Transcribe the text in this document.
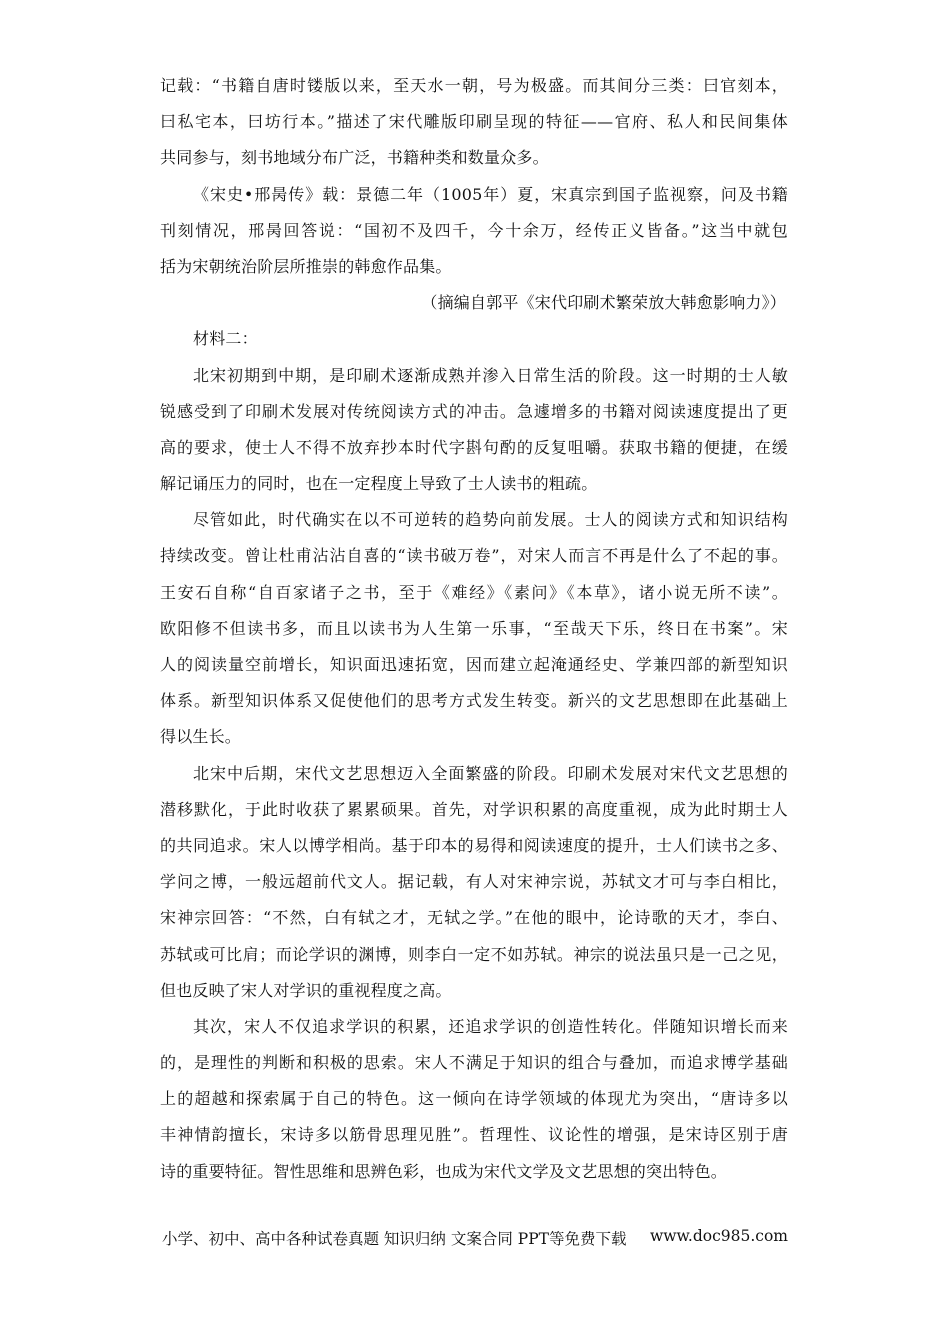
记载：“书籍自唐时镂版以来，至天水一朝，号为极盛。而其间分三类：曰官刻本，
曰私宅本，曰坊行本。”描述了宋代雕版印刷呈现的特征——官府、私人和民间集体
共同参与，刻书地域分布广泛，书籍种类和数量众多。
《宋史•邢昺传》载：景德二年（1005年）夏，宋真宗到国子监视察，问及书籍
刊刻情况，邢昺回答说：“国初不及四千，今十余万，经传正义皆备。”这当中就包
括为宋朝统治阶层所推崇的韩愈作品集。
（摘编自郭平《宋代印刷术繁荣放大韩愈影响力》）
材料二：
北宋初期到中期，是印刷术逐渐成熟并渗入日常生活的阶段。这一时期的士人敏
锐感受到了印刷术发展对传统阅读方式的冲击。急遽增多的书籍对阅读速度提出了更
高的要求，使士人不得不放弃抄本时代字斟句酌的反复咀嚼。获取书籍的便捷，在缓
解记诵压力的同时，也在一定程度上导致了士人读书的粗疏。
尽管如此，时代确实在以不可逆转的趋势向前发展。士人的阅读方式和知识结构
持续改变。曾让杜甫沾沾自喜的“读书破万卷”，对宋人而言不再是什么了不起的事。
王安石自称“自百家诸子之书，至于《难经》《素问》《本草》，诸小说无所不读”。
欧阳修不但读书多，而且以读书为人生第一乐事，“至哉天下乐，终日在书案”。宋
人的阅读量空前增长，知识面迅速拓宽，因而建立起淹通经史、学兼四部的新型知识
体系。新型知识体系又促使他们的思考方式发生转变。新兴的文艺思想即在此基础上
得以生长。
北宋中后期，宋代文艺思想迈入全面繁盛的阶段。印刷术发展对宋代文艺思想的
潜移默化，于此时收获了累累硕果。首先，对学识积累的高度重视，成为此时期士人
的共同追求。宋人以博学相尚。基于印本的易得和阅读速度的提升，士人们读书之多、
学问之博，一般远超前代文人。据记载，有人对宋神宗说，苏轼文才可与李白相比，
宋神宗回答：“不然，白有轼之才，无轼之学。”在他的眼中，论诗歌的天才，李白、
苏轼或可比肩；而论学识的渊博，则李白一定不如苏轼。神宗的说法虽只是一己之见，
但也反映了宋人对学识的重视程度之高。
其次，宋人不仅追求学识的积累，还追求学识的创造性转化。伴随知识增长而来
的，是理性的判断和积极的思索。宋人不满足于知识的组合与叠加，而追求博学基础
上的超越和探索属于自己的特色。这一倾向在诗学领域的体现尤为突出，“唐诗多以
丰神情韵擅长，宋诗多以筋骨思理见胜”。哲理性、议论性的增强，是宋诗区别于唐
诗的重要特征。智性思维和思辨色彩，也成为宋代文学及文艺思想的突出特色。
小学、初中、高中各种试卷真题 知识归纳 文案合同 PPT等免费下载 www.doc985.com
